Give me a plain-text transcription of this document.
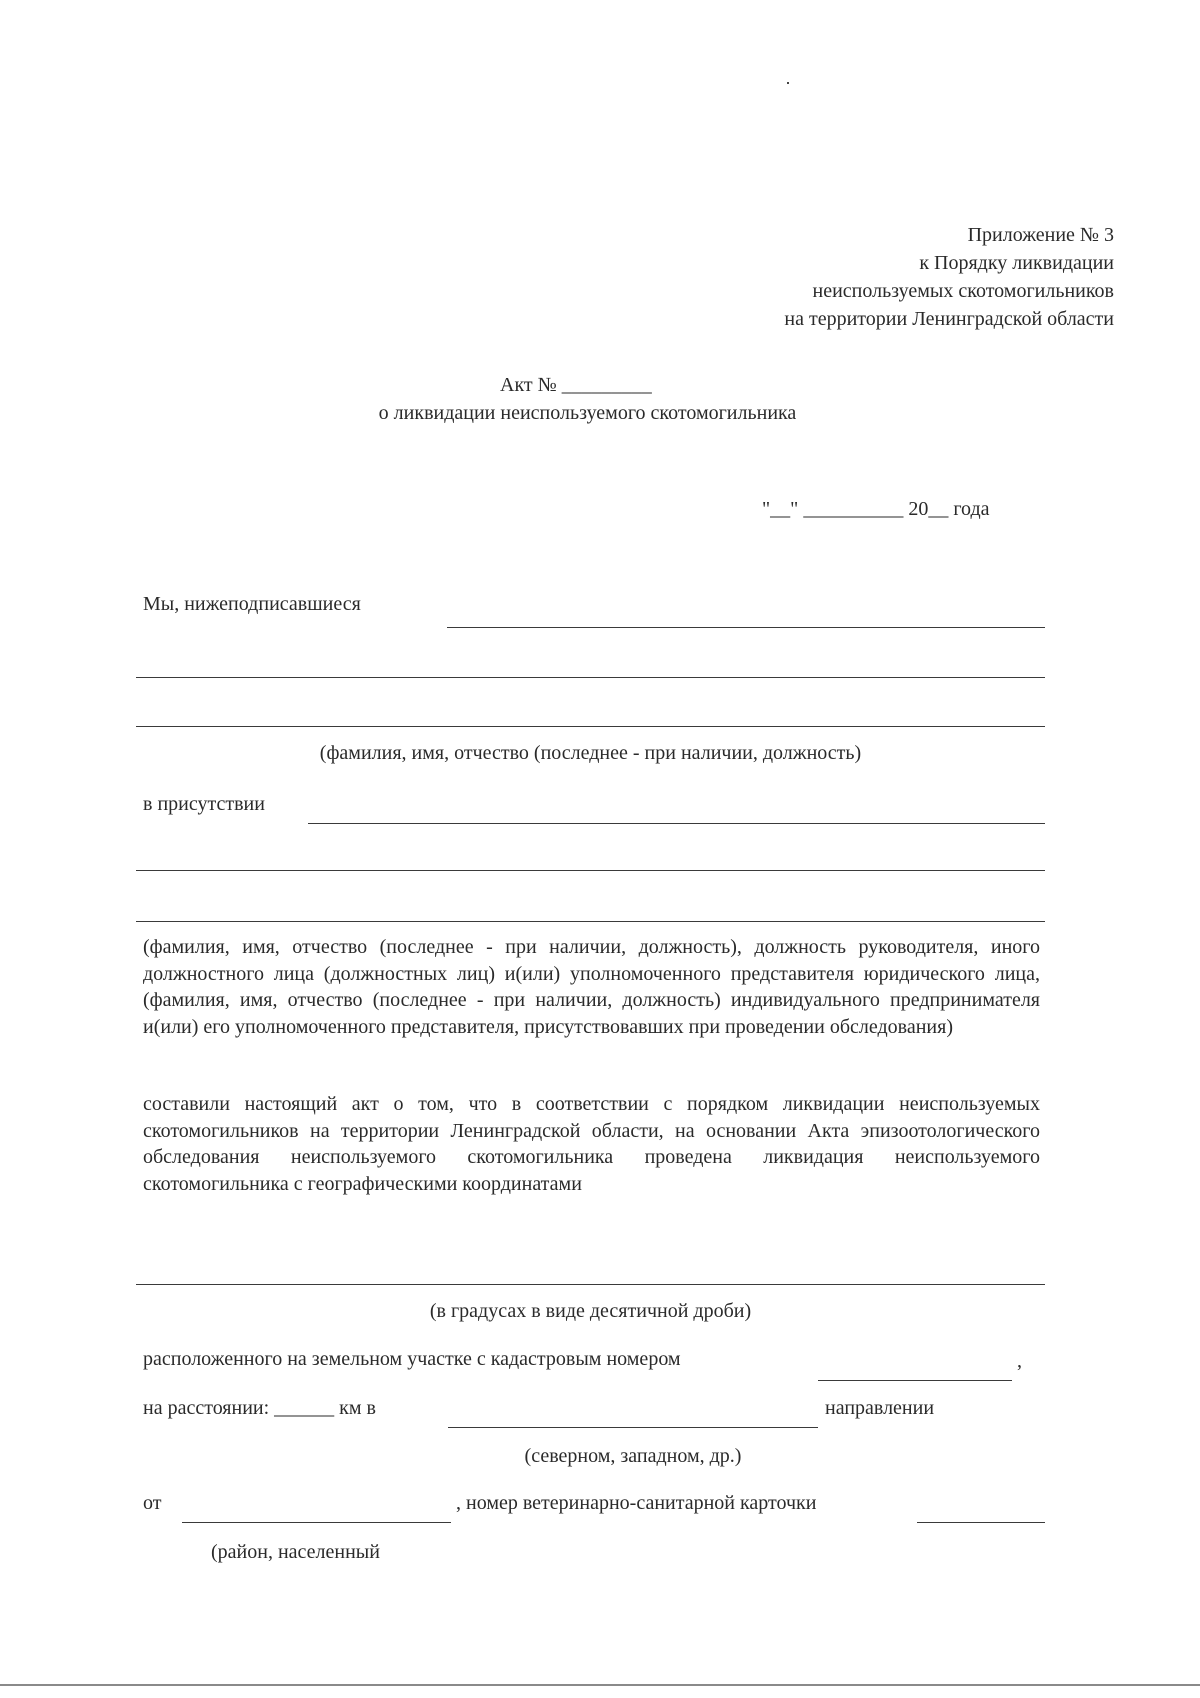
Приложение № 3
к Порядку ликвидации
неиспользуемых скотомогильников
на территории Ленинградской области
Акт № _________
о ликвидации неиспользуемого скотомогильника
"__" __________ 20__ года
Мы, нижеподписавшиеся
(фамилия, имя, отчество (последнее - при наличии, должность)
в присутствии
(фамилия, имя, отчество (последнее - при наличии, должность), должность руководителя, иного должностного лица (должностных лиц) и(или) уполномоченного представителя юридического лица, (фамилия, имя, отчество (последнее - при наличии, должность) индивидуального предпринимателя и(или) его уполномоченного представителя, присутствовавших при проведении обследования)
составили настоящий акт о том, что в соответствии с порядком ликвидации неиспользуемых скотомогильников на территории Ленинградской области, на основании Акта эпизоотологического обследования неиспользуемого скотомогильника проведена ликвидация неиспользуемого скотомогильника с географическими координатами
(в градусах в виде десятичной дроби)
расположенного на земельном участке с кадастровым номером	,
на расстоянии: ______ км в	направлении
(северном, западном, др.)
от	, номер ветеринарно-санитарной карточки
(район, населенный
